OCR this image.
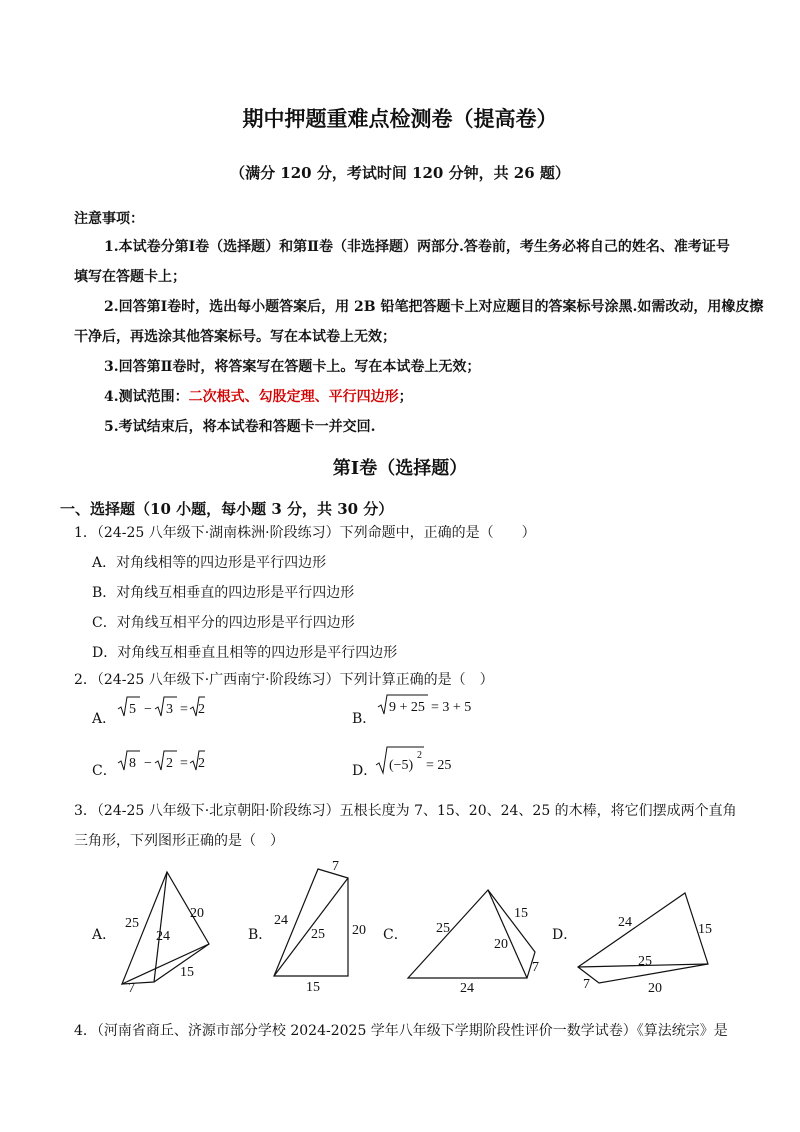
期中押题重难点检测卷（提高卷）
（满分 120 分，考试时间 120 分钟，共 26 题）
注意事项：
1.本试卷分第Ⅰ卷（选择题）和第Ⅱ卷（非选择题）两部分.答卷前，考生务必将自己的姓名、准考证号
填写在答题卡上；
2.回答第Ⅰ卷时，选出每小题答案后，用 2B 铅笔把答题卡上对应题目的答案标号涂黑.如需改动，用橡皮擦
干净后，再选涂其他答案标号。写在本试卷上无效；
3.回答第Ⅱ卷时，将答案写在答题卡上。写在本试卷上无效；
4.测试范围：二次根式、勾股定理、平行四边形；
5.考试结束后，将本试卷和答题卡一并交回.
第Ⅰ卷（选择题）
一、选择题（10 小题，每小题 3 分，共 30 分）
1．（24-25 八年级下·湖南株洲·阶段练习）下列命题中，正确的是（　　）
A．对角线相等的四边形是平行四边形
B．对角线互相垂直的四边形是平行四边形
C．对角线互相平分的四边形是平行四边形
D．对角线互相垂直且相等的四边形是平行四边形
2．（24-25 八年级下·广西南宁·阶段练习）下列计算正确的是（　）
A．
5 − 3 = 2
B．
9 + 25 = 3 + 5
C． 8 − 2 = 2	D． (−5)
2
= 25
3．（24-25 八年级下·北京朝阳·阶段练习）五根长度为 7、15、20、24、25 的木棒，将它们摆成两个直角
三角形，下列图形正确的是（　）
A．
25
20
24
15
7
B．
7
24
25 20
15
C． 25
15
20
7
24
D．
24	15
25
7	20
4．（河南省商丘、济源市部分学校 2024-2025 学年八年级下学期阶段性评价一数学试卷）《算法统宗》是
